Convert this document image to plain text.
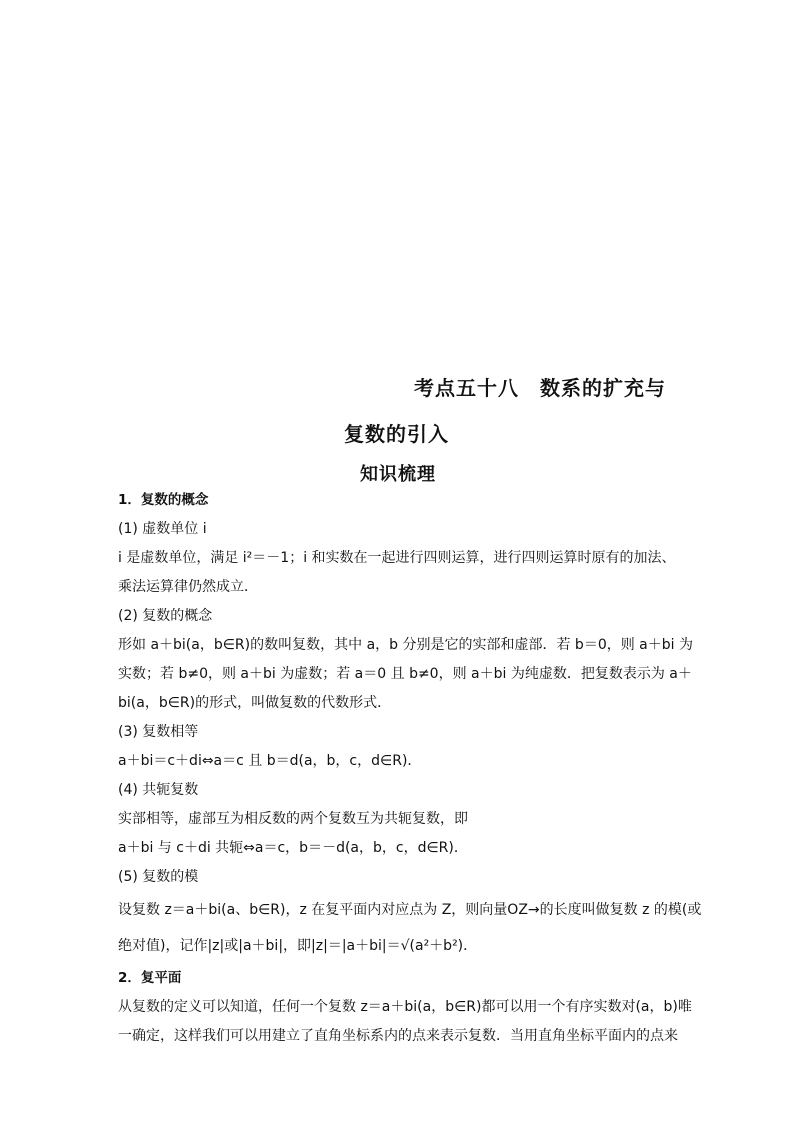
考点五十八　数系的扩充与
复数的引入
知识梳理
1．复数的概念
(1) 虚数单位 i
i 是虚数单位，满足 i²＝－1；i 和实数在一起进行四则运算，进行四则运算时原有的加法、
乘法运算律仍然成立．
(2) 复数的概念
形如 a＋bi(a，b∈R)的数叫复数，其中 a，b 分别是它的实部和虚部．若 b＝0，则 a＋bi 为
实数；若 b≠0，则 a＋bi 为虚数；若 a＝0 且 b≠0，则 a＋bi 为纯虚数．把复数表示为 a＋
bi(a，b∈R)的形式，叫做复数的代数形式．
(3) 复数相等
a＋bi＝c＋di⇔a＝c 且 b＝d(a，b，c，d∈R)．
(4) 共轭复数
实部相等，虚部互为相反数的两个复数互为共轭复数，即
a＋bi 与 c＋di 共轭⇔a＝c，b＝－d(a，b，c，d∈R)．
(5) 复数的模
设复数 z＝a＋bi(a、b∈R)，z 在复平面内对应点为 Z，则向量OZ→的长度叫做复数 z 的模(或
绝对值)，记作|z|或|a＋bi|，即|z|＝|a＋bi|＝√(a²＋b²)．
2．复平面
从复数的定义可以知道，任何一个复数 z＝a＋bi(a，b∈R)都可以用一个有序实数对(a，b)唯
一确定，这样我们可以用建立了直角坐标系内的点来表示复数．当用直角坐标平面内的点来
